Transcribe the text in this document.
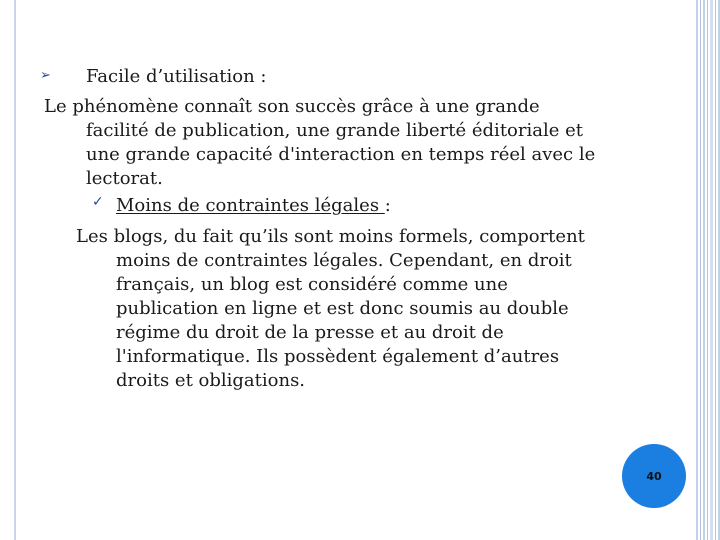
➢ Facile d’utilisation :
Le phénomène connaît son succès grâce à une grande
facilité de publication, une grande liberté éditoriale et
une grande capacité d'interaction en temps réel avec le
lectorat.
✓ Moins de contraintes légales :
Les blogs, du fait qu’ils sont moins formels, comportent
moins de contraintes légales. Cependant, en droit
français, un blog est considéré comme une
publication en ligne et est donc soumis au double
régime du droit de la presse et au droit de
l'informatique. Ils possèdent également d’autres
droits et obligations.
40
